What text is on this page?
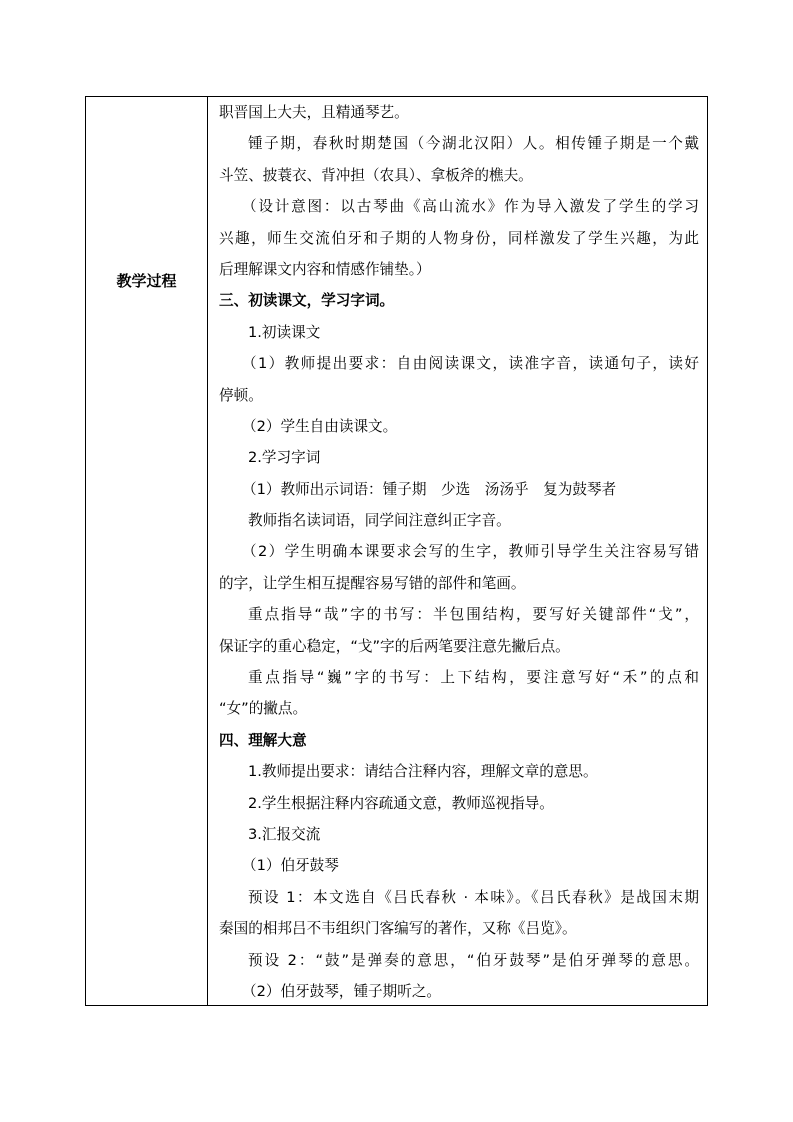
教学过程
职晋国上大夫，且精通琴艺。
锺子期，春秋时期楚国（今湖北汉阳）人。相传锺子期是一个戴
斗笠、披蓑衣、背冲担（农具）、拿板斧的樵夫。
（设计意图：以古琴曲《高山流水》作为导入激发了学生的学习
兴趣，师生交流伯牙和子期的人物身份，同样激发了学生兴趣，为此
后理解课文内容和情感作铺垫。）
三、初读课文，学习字词。
1.初读课文
（1）教师提出要求：自由阅读课文，读准字音，读通句子，读好
停顿。
（2）学生自由读课文。
2.学习字词
（1）教师出示词语：锺子期　少选　汤汤乎　复为鼓琴者
教师指名读词语，同学间注意纠正字音。
（2）学生明确本课要求会写的生字，教师引导学生关注容易写错
的字，让学生相互提醒容易写错的部件和笔画。
重点指导“哉”字的书写：半包围结构，要写好关键部件“戈”，
保证字的重心稳定，“戈”字的后两笔要注意先撇后点。
重点指导“巍”字的书写：上下结构，要注意写好“禾”的点和
“女”的撇点。
四、理解大意
1.教师提出要求：请结合注释内容，理解文章的意思。
2.学生根据注释内容疏通文意，教师巡视指导。
3.汇报交流
（1）伯牙鼓琴
预设 1：本文选自《吕氏春秋 · 本味》。《吕氏春秋》是战国末期
秦国的相邦吕不韦组织门客编写的著作，又称《吕览》。
预设 2：“鼓”是弹奏的意思，“伯牙鼓琴”是伯牙弹琴的意思。
（2）伯牙鼓琴，锺子期听之。
